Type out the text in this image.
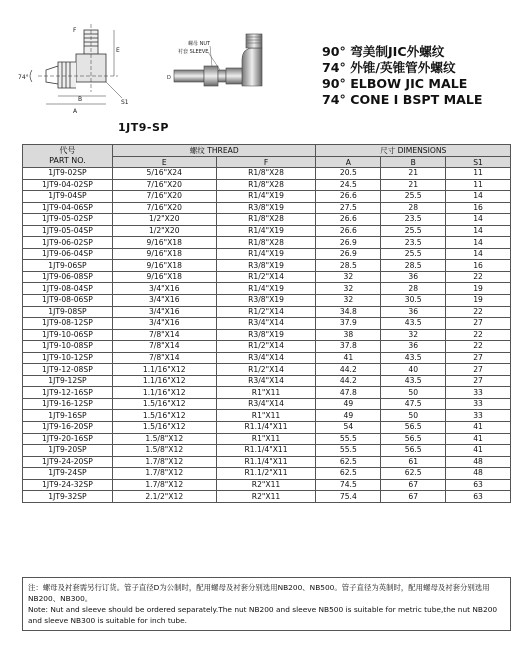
F
E
B
A
S1
74°
螺母 NUT
衬套 SLEEVE
D
90° 弯美制JIC外螺纹
74° 外锥/英锥管外螺纹
90° ELBOW JIC MALE
74° CONE I BSPT MALE
1JT9-SP
代号
PART NO.	螺纹 THREAD		尺寸 DIMENSIONS		
	E	F	A	B	S1
1JT9-02SP	5/16"X24	R1/8"X28	20.5	21	11
1JT9-04-02SP	7/16"X20	R1/8"X28	24.5	21	11
1JT9-04SP	7/16"X20	R1/4"X19	26.6	25.5	14
1JT9-04-06SP	7/16"X20	R3/8"X19	27.5	28	16
1JT9-05-02SP	1/2"X20	R1/8"X28	26.6	23.5	14
1JT9-05-04SP	1/2"X20	R1/4"X19	26.6	25.5	14
1JT9-06-02SP	9/16"X18	R1/8"X28	26.9	23.5	14
1JT9-06-04SP	9/16"X18	R1/4"X19	26.9	25.5	14
1JT9-06SP	9/16"X18	R3/8"X19	28.5	28.5	16
1JT9-06-08SP	9/16"X18	R1/2"X14	32	36	22
1JT9-08-04SP	3/4"X16	R1/4"X19	32	28	19
1JT9-08-06SP	3/4"X16	R3/8"X19	32	30.5	19
1JT9-08SP	3/4"X16	R1/2"X14	34.8	36	22
1JT9-08-12SP	3/4"X16	R3/4"X14	37.9	43.5	27
1JT9-10-06SP	7/8"X14	R3/8"X19	38	32	22
1JT9-10-08SP	7/8"X14	R1/2"X14	37.8	36	22
1JT9-10-12SP	7/8"X14	R3/4"X14	41	43.5	27
1JT9-12-08SP	1.1/16"X12	R1/2"X14	44.2	40	27
1JT9-12SP	1.1/16"X12	R3/4"X14	44.2	43.5	27
1JT9-12-16SP	1.1/16"X12	R1"X11	47.8	50	33
1JT9-16-12SP	1.5/16"X12	R3/4"X14	49	47.5	33
1JT9-16SP	1.5/16"X12	R1"X11	49	50	33
1JT9-16-20SP	1.5/16"X12	R1.1/4"X11	54	56.5	41
1JT9-20-16SP	1.5/8"X12	R1"X11	55.5	56.5	41
1JT9-20SP	1.5/8"X12	R1.1/4"X11	55.5	56.5	41
1JT9-24-20SP	1.7/8"X12	R1.1/4"X11	62.5	61	48
1JT9-24SP	1.7/8"X12	R1.1/2"X11	62.5	62.5	48
1JT9-24-32SP	1.7/8"X12	R2"X11	74.5	67	63
1JT9-32SP	2.1/2"X12	R2"X11	75.4	67	63

注：螺母及衬套需另行订货。管子直径D为公制时，配用螺母及衬套分别选用NB200、NB500。管子直径为英制时，配用螺母及衬套分别选用NB200、NB300。

Note: Nut and sleeve should be ordered separately.The nut NB200 and sleeve NB500 is suitable for metric tube,the nut NB200 and sleeve NB300 is suitable for inch tube.
